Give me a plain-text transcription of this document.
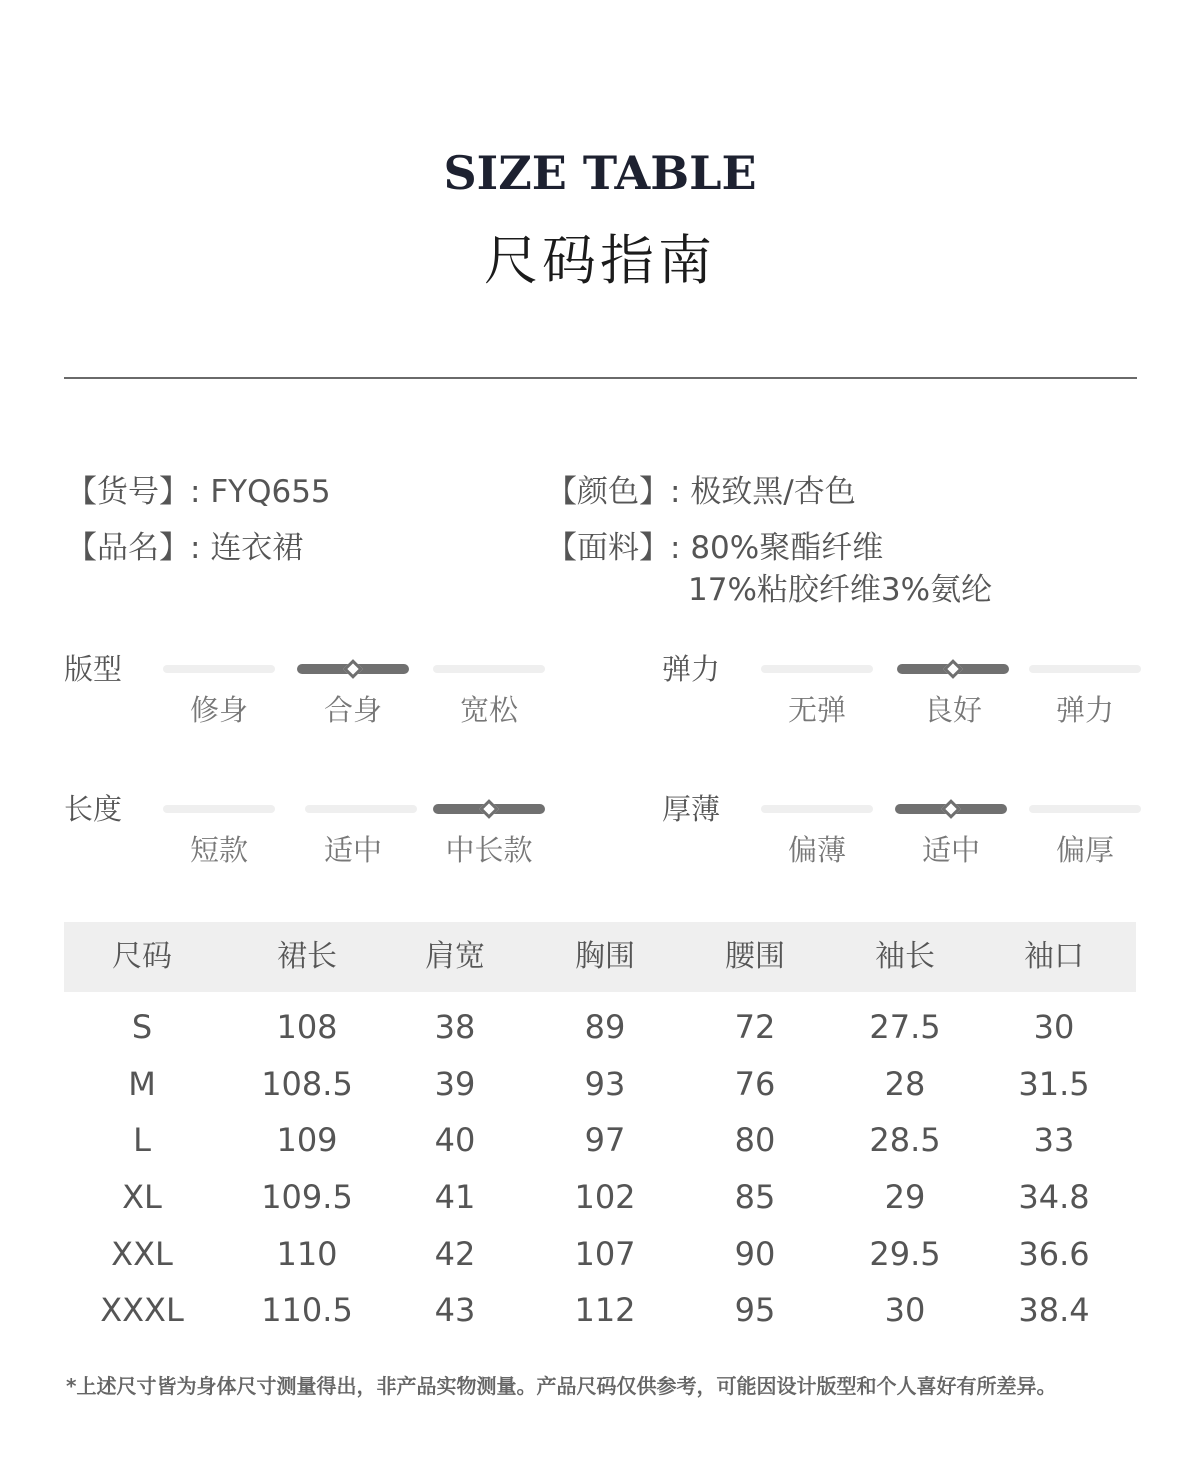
SIZE TABLE
尺码指南
【货号】: FYQ655
【品名】: 连衣裙
【颜色】: 极致黑/杏色
【面料】: 80%聚酯纤维
17%粘胶纤维3%氨纶
版型
修身	合身	宽松
弹力
无弹	良好	弹力
长度
短款	适中	中长款
厚薄
偏薄	适中	偏厚
尺码	裙长	肩宽	胸围	腰围	袖长	袖口
S	108	38	89	72	27.5	30
M	108.5	39	93	76	28	31.5
L	109	40	97	80	28.5	33
XL	109.5	41	102	85	29	34.8
XXL	110	42	107	90	29.5	36.6
XXXL	110.5	43	112	95	30	38.4
*上述尺寸皆为身体尺寸测量得出，非产品实物测量。产品尺码仅供参考，可能因设计版型和个人喜好有所差异。
